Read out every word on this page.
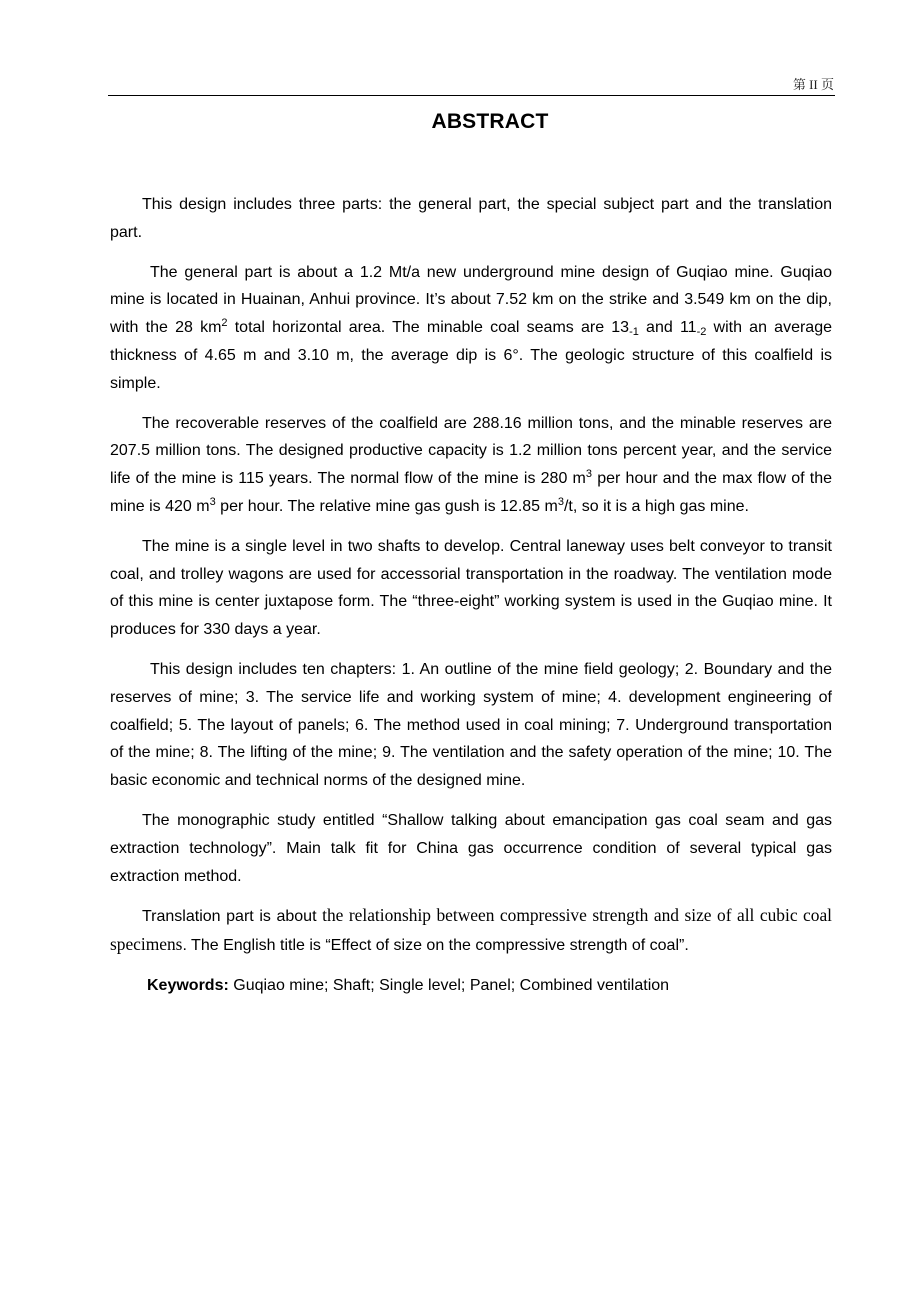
第 II 页
ABSTRACT

This design includes three parts: the general part, the special subject part and the translation part.

The general part is about a 1.2 Mt/a new underground mine design of Guqiao mine. Guqiao mine is located in Huainan, Anhui province. It’s about 7.52 km on the strike and 3.549 km on the dip, with the 28 $km^2$ total horizontal area. The minable coal seams are $13_{-1}$ and $11_{-2}$ with an average thickness of 4.65 m and 3.10 m, the average dip is 6°. The geologic structure of this coalfield is simple.

The recoverable reserves of the coalfield are 288.16 million tons, and the minable reserves are 207.5 million tons. The designed productive capacity is 1.2 million tons percent year, and the service life of the mine is 115 years. The normal flow of the mine is 280 $m^3$ per hour and the max flow of the mine is 420 $m^3$ per hour. The relative mine gas gush is 12.85 $m^3/t$, so it is a high gas mine.

The mine is a single level in two shafts to develop. Central laneway uses belt conveyor to transit coal, and trolley wagons are used for accessorial transportation in the roadway. The ventilation mode of this mine is center juxtapose form. The “three-eight” working system is used in the Guqiao mine. It produces for 330 days a year.

This design includes ten chapters: 1. An outline of the mine field geology; 2. Boundary and the reserves of mine; 3. The service life and working system of mine; 4. development engineering of coalfield; 5. The layout of panels; 6. The method used in coal mining; 7. Underground transportation of the mine; 8. The lifting of the mine; 9. The ventilation and the safety operation of the mine; 10. The basic economic and technical norms of the designed mine.

The monographic study entitled “Shallow talking about emancipation gas coal seam and gas extraction technology”. Main talk fit for China gas occurrence condition of several typical gas extraction method.

Translation part is about the relationship between compressive strength and size of all cubic coal specimens. The English title is “Effect of size on the compressive strength of coal”.

Keywords: Guqiao mine; Shaft; Single level; Panel; Combined ventilation
